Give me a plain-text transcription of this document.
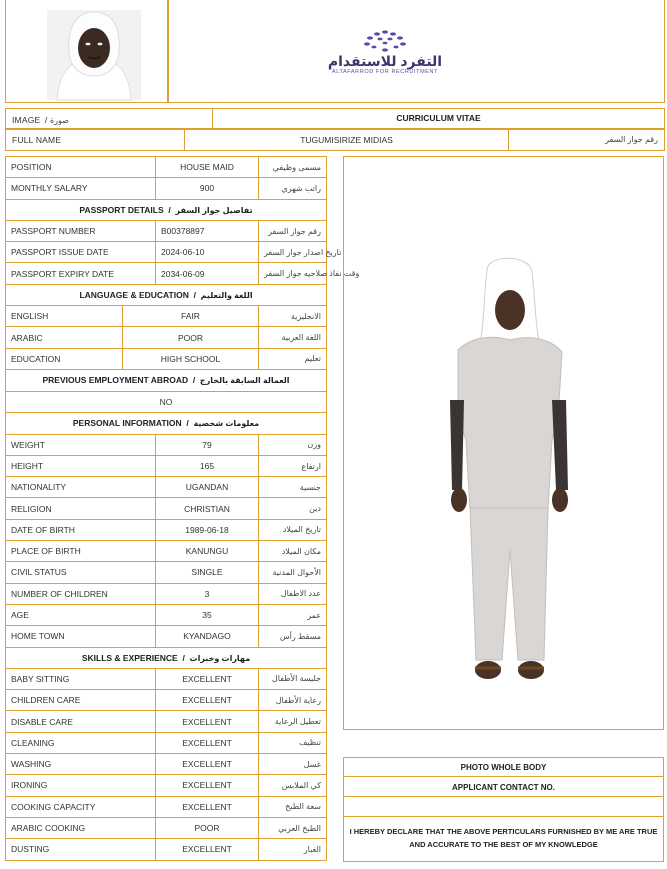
التفرد للاستقدام
ALTAFARROD FOR RECRUITMENT
IMAGE / صورة	CURRICULUM VITAE
FULL NAME	TUGUMISIRIZE MIDIAS	رقم جواز السفر
POSITION		HOUSE MAID	مسمى وظيفي
MONTHLY SALARY		900	راتب شهري
PASSPORT DETAILS  /  تفاصيل جواز السفر			
PASSPORT NUMBER		B00378897	رقم جواز السفر
PASSPORT ISSUE DATE		2024-06-10	تاريخ اصدار جواز السفر
PASSPORT EXPIRY DATE		2034-06-09	وقت نفاذ صلاحيه جواز السفر
LANGUAGE & EDUCATION  /  اللغة والتعليم			
ENGLISH	FAIR		الانجليزية
ARABIC	POOR		اللغة العربية
EDUCATION	HIGH SCHOOL		تعليم
PREVIOUS EMPLOYMENT ABROAD  /  العمالة السابقة بالخارج			
NO			
PERSONAL INFORMATION  /  معلومات شخصية			
WEIGHT		79	وزن
HEIGHT		165	ارتفاع
NATIONALITY		UGANDAN	جنسية
RELIGION		CHRISTIAN	دين
DATE OF BIRTH		1989-06-18	تاريخ الميلاد
PLACE OF BIRTH		KANUNGU	مكان الميلاد
CIVIL STATUS		SINGLE	الأحوال المدنية
NUMBER OF CHILDREN		3	عدد الاطفال
AGE		35	عمر
HOME TOWN		KYANDAGO	مسقط رأس
SKILLS & EXPERIENCE  /  مهارات وخبرات			
BABY SITTING		EXCELLENT	جليسة الأطفال
CHILDREN CARE		EXCELLENT	رعاية الأطفال
DISABLE CARE		EXCELLENT	تعطيل الرعاية
CLEANING		EXCELLENT	تنظيف
WASHING		EXCELLENT	غسل
IRONING		EXCELLENT	كي الملابس
COOKING CAPACITY		EXCELLENT	سعة الطبخ
ARABIC COOKING		POOR	الطبخ العربي
DUSTING		EXCELLENT	الغبار
PHOTO WHOLE BODY
APPLICANT CONTACT NO.
I HEREBY DECLARE THAT THE ABOVE PERTICULARS FURNISHED BY ME ARE TRUE AND ACCURATE TO THE BEST OF MY KNOWLEDGE
